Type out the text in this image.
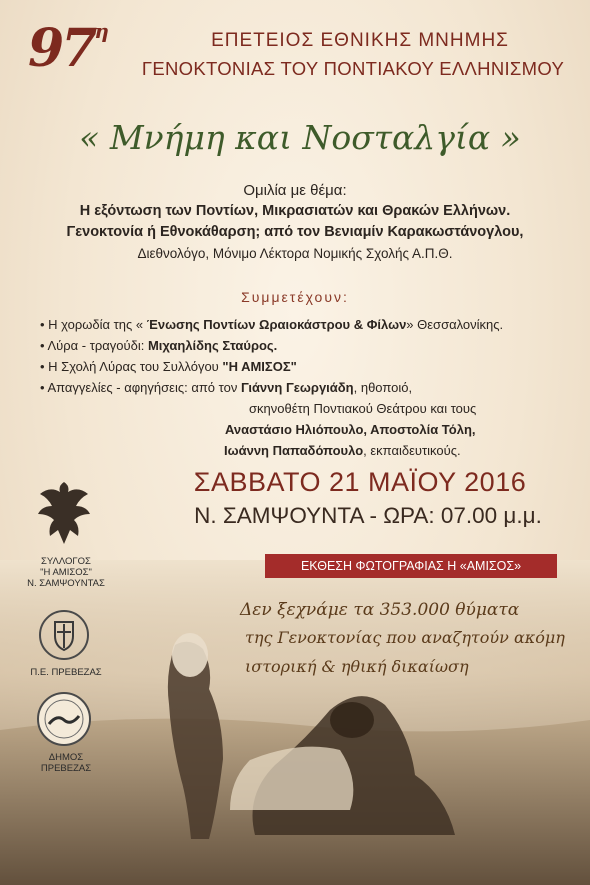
$97^\eta$	ΕΠΕΤΕΙΟΣ ΕΘΝΙΚΗΣ ΜΝΗΜΗΣ
ΓΕΝΟΚΤΟΝΙΑΣ ΤΟΥ ΠΟΝΤΙΑΚΟΥ ΕΛΛΗΝΙΣΜΟΥ
« Μνήμη και Νοσταλγία »
Ομιλία με θέμα:
Η εξόντωση των Ποντίων, Μικρασιατών και Θρακών Ελλήνων.
Γενοκτονία ή Εθνοκάθαρση; από τον Βενιαμίν Καρακωστάνογλου,
Διεθνολόγο, Μόνιμο Λέκτορα Νομικής Σχολής Α.Π.Θ.
Συμμετέχουν:
• Η χορωδία της « Ένωσης Ποντίων Ωραιοκάστρου & Φίλων» Θεσσαλονίκης.
• Λύρα - τραγούδι: Μιχαηλίδης Σταύρος.
• Η Σχολή Λύρας του Συλλόγου "Η ΑΜΙΣΟΣ"
• Απαγγελίες - αφηγήσεις: από τον Γιάννη Γεωργιάδη, ηθοποιό,
σκηνοθέτη Ποντιακού Θεάτρου και τους
Αναστάσιο Ηλιόπουλο, Αποστολία Τόλη,
Ιωάννη Παπαδόπουλο, εκπαιδευτικούς.
ΣΑΒΒΑΤΟ 21 ΜΑΪΟΥ 2016
Ν. ΣΑΜΨΟΥΝΤΑ - ΩΡΑ: 07.00 μ.μ.
ΕΚΘΕΣΗ ΦΩΤΟΓΡΑΦΙΑΣ Η «ΑΜΙΣΟΣ»
Δεν ξεχνάμε τα 353.000 θύματα
της Γενοκτονίας που αναζητούν ακόμη
ιστορική & ηθική δικαίωση
ΣΥΛΛΟΓΟΣ
"Η ΑΜΙΣΟΣ"
Ν. ΣΑΜΨΟΥΝΤΑΣ
Π.Ε. ΠΡΕΒΕΖΑΣ
ΔΗΜΟΣ
ΠΡΕΒΕΖΑΣ
